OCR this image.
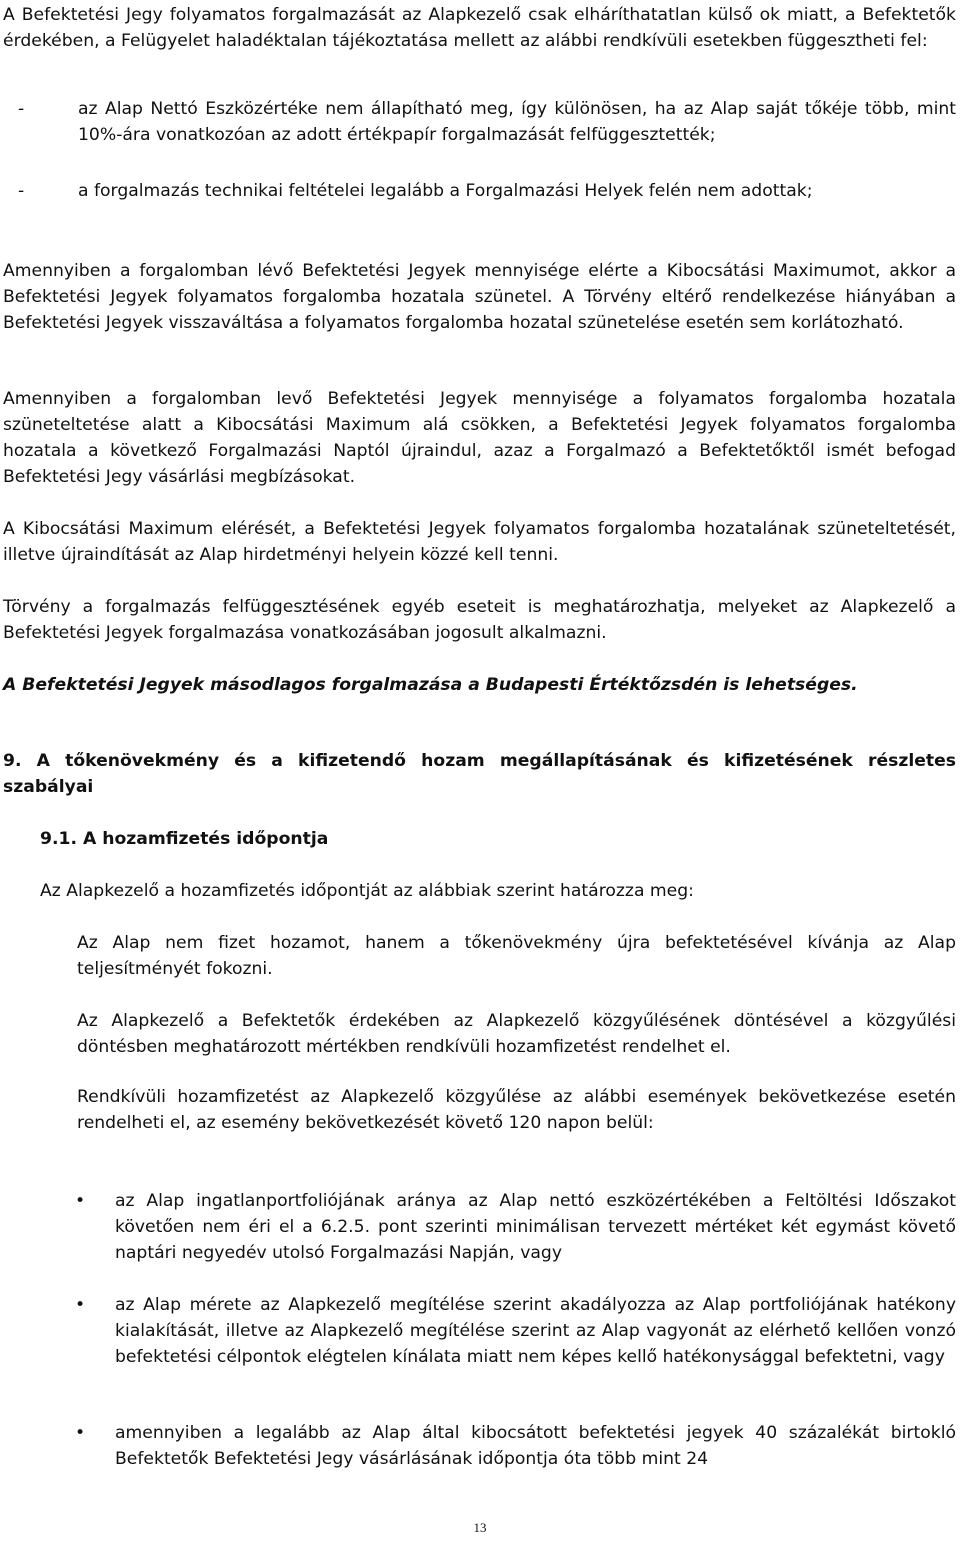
A Befektetési Jegy folyamatos forgalmazását az Alapkezelő csak elháríthatatlan külső ok miatt, a Befektetők érdekében, a Felügyelet haladéktalan tájékoztatása mellett az alábbi rendkívüli esetekben függesztheti fel:

-	az Alap Nettó Eszközértéke nem állapítható meg, így különösen, ha az Alap saját tőkéje több, mint 10%-ára vonatkozóan az adott értékpapír forgalmazását felfüggesztették;

-	a forgalmazás technikai feltételei legalább a Forgalmazási Helyek felén nem adottak;

Amennyiben a forgalomban lévő Befektetési Jegyek mennyisége elérte a Kibocsátási Maximumot, akkor a Befektetési Jegyek folyamatos forgalomba hozatala szünetel. A Törvény eltérő rendelkezése hiányában a Befektetési Jegyek visszaváltása a folyamatos forgalomba hozatal szünetelése esetén sem korlátozható.

Amennyiben a forgalomban levő Befektetési Jegyek mennyisége a folyamatos forgalomba hozatala szüneteltetése alatt a Kibocsátási Maximum alá csökken, a Befektetési Jegyek folyamatos forgalomba hozatala a következő Forgalmazási Naptól újraindul, azaz a Forgalmazó a Befektetőktől ismét befogad Befektetési Jegy vásárlási megbízásokat.

A Kibocsátási Maximum elérését, a Befektetési Jegyek folyamatos forgalomba hozatalának szüneteltetését, illetve újraindítását az Alap hirdetményi helyein közzé kell tenni.

Törvény a forgalmazás felfüggesztésének egyéb eseteit is meghatározhatja, melyeket az Alapkezelő a Befektetési Jegyek forgalmazása vonatkozásában jogosult alkalmazni.

A Befektetési Jegyek másodlagos forgalmazása a Budapesti Értéktőzsdén is lehetséges.

9. A tőkenövekmény és a kifizetendő hozam megállapításának és kifizetésének részletes szabályai

9.1. A hozamfizetés időpontja

Az Alapkezelő a hozamfizetés időpontját az alábbiak szerint határozza meg:

Az Alap nem fizet hozamot, hanem a tőkenövekmény újra befektetésével kívánja az Alap teljesítményét fokozni.

Az Alapkezelő a Befektetők érdekében az Alapkezelő közgyűlésének döntésével a közgyűlési döntésben meghatározott mértékben rendkívüli hozamfizetést rendelhet el.

Rendkívüli hozamfizetést az Alapkezelő közgyűlése az alábbi események bekövetkezése esetén rendelheti el, az esemény bekövetkezését követő 120 napon belül:

• az Alap ingatlanportfoliójának aránya az Alap nettó eszközértékében a Feltöltési Időszakot követően nem éri el a 6.2.5. pont szerinti minimálisan tervezett mértéket két egymást követő naptári negyedév utolsó Forgalmazási Napján, vagy

• az Alap mérete az Alapkezelő megítélése szerint akadályozza az Alap portfoliójának hatékony kialakítását, illetve az Alapkezelő megítélése szerint az Alap vagyonát az elérhető kellően vonzó befektetési célpontok elégtelen kínálata miatt nem képes kellő hatékonysággal befektetni, vagy

• amennyiben a legalább az Alap által kibocsátott befektetési jegyek 40 százalékát birtokló Befektetők Befektetési Jegy vásárlásának időpontja óta több mint 24

13
